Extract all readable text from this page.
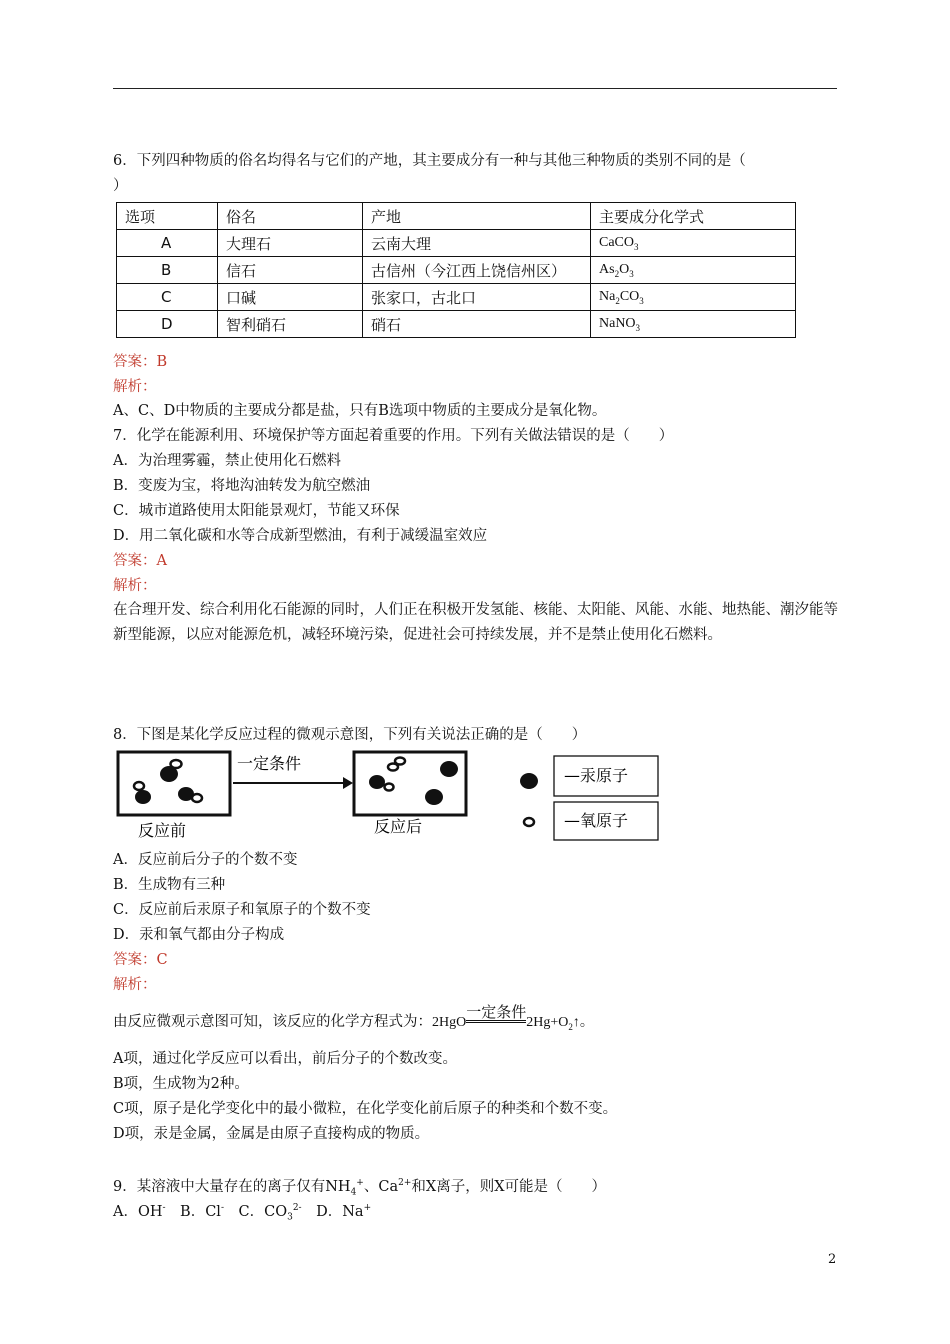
6．下列四种物质的俗名均得名与它们的产地，其主要成分有一种与其他三种物质的类别不同的是（
）
选项	俗名	产地	主要成分化学式
A	大理石	云南大理	CaCO$_3$
B	信石	古信州（今江西上饶信州区）	$As_2O_3$
C	口碱	张家口，古北口	$Na_2CO_3$
D	智利硝石	硝石	NaNO$_3$
答案：B
解析：
A、C、D中物质的主要成分都是盐，只有B选项中物质的主要成分是氧化物。
7．化学在能源利用、环境保护等方面起着重要的作用。下列有关做法错误的是（　　）
A．为治理雾霾，禁止使用化石燃料
B．变废为宝，将地沟油转发为航空燃油
C．城市道路使用太阳能景观灯，节能又环保
D．用二氧化碳和水等合成新型燃油，有利于减缓温室效应
答案：A
解析：
在合理开发、综合利用化石能源的同时，人们正在积极开发氢能、核能、太阳能、风能、水能、地热能、潮汐能等新型能源，以应对能源危机，减轻环境污染，促进社会可持续发展，并不是禁止使用化石燃料。
8．下图是某化学反应过程的微观示意图，下列有关说法正确的是（　　）
一定条件
反应前	反应后
—汞原子
—氧原子
A．反应前后分子的个数不变
B．生成物有三种
C．反应前后汞原子和氧原子的个数不变
D．汞和氧气都由分子构成
答案：C
解析：
由反应微观示意图可知，该反应的化学方程式为：2HgO一定条件$2Hg+O_2↑$。
A项，通过化学反应可以看出，前后分子的个数改变。
B项，生成物为2种。
C项，原子是化学变化中的最小微粒，在化学变化前后原子的种类和个数不变。
D项，汞是金属，金属是由原子直接构成的物质。
9．某溶液中大量存在的离子仅有$NH_4^+$、$Ca^{2+}$和X离子，则X可能是（　　）
A．OH-　B．Cl-　C．$CO_3^{2-}$　D．Na+
2
